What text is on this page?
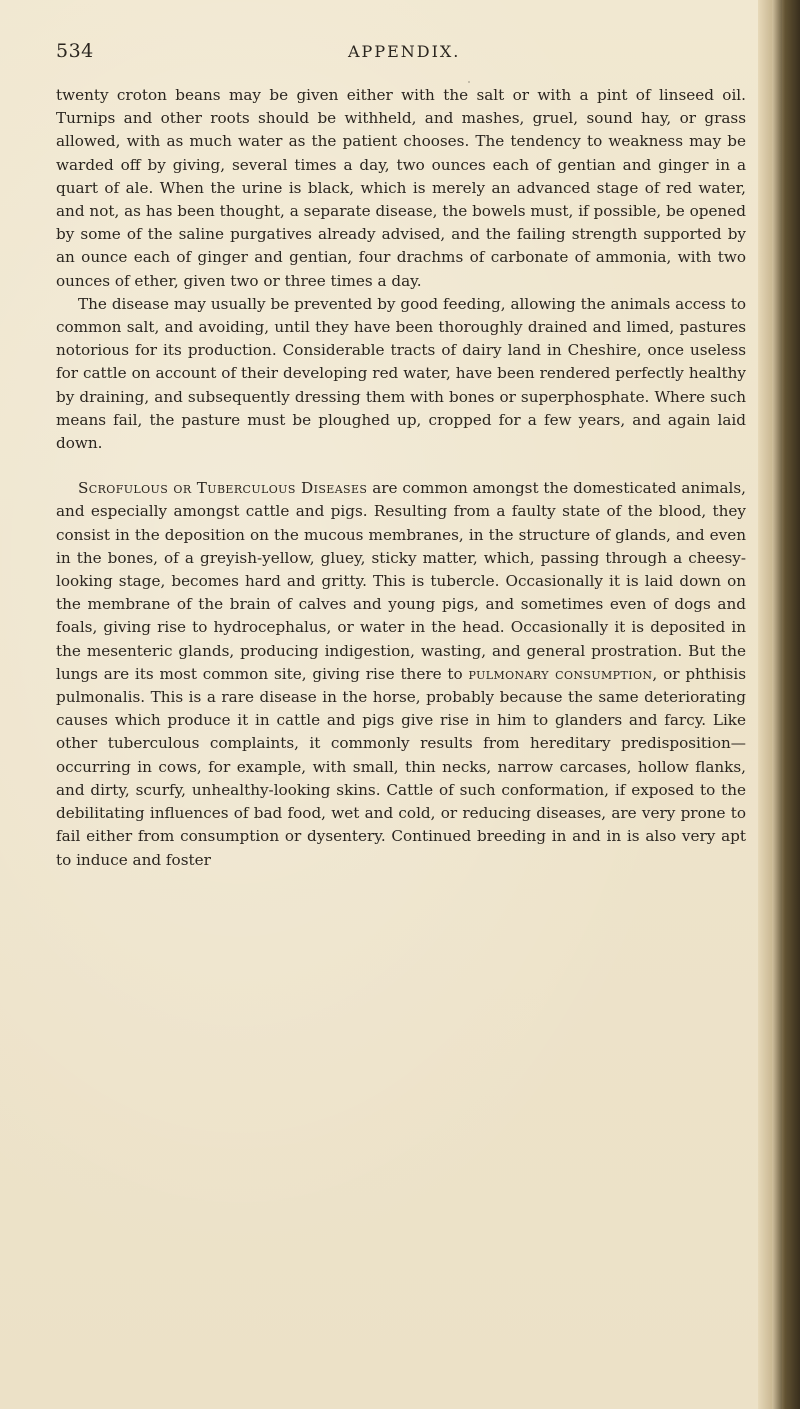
534	APPENDIX.

twenty croton beans may be given either with the salt or with a pint of linseed oil. Turnips and other roots should be withheld, and mashes, gruel, sound hay, or grass allowed, with as much water as the patient chooses. The tendency to weakness may be warded off by giving, several times a day, two ounces each of gentian and ginger in a quart of ale. When the urine is black, which is merely an advanced stage of red water, and not, as has been thought, a separate disease, the bowels must, if possible, be opened by some of the saline purgatives already advised, and the failing strength supported by an ounce each of ginger and gentian, four drachms of carbonate of ammonia, with two ounces of ether, given two or three times a day.

The disease may usually be prevented by good feeding, allowing the animals access to common salt, and avoiding, until they have been thoroughly drained and limed, pastures notorious for its production. Considerable tracts of dairy land in Cheshire, once useless for cattle on account of their developing red water, have been rendered perfectly healthy by draining, and subsequently dressing them with bones or superphosphate. Where such means fail, the pasture must be ploughed up, cropped for a few years, and again laid down.

Scrofulous or Tuberculous Diseases are common amongst the domesticated animals, and especially amongst cattle and pigs. Resulting from a faulty state of the blood, they consist in the deposition on the mucous membranes, in the structure of glands, and even in the bones, of a greyish-yellow, gluey, sticky matter, which, passing through a cheesy-looking stage, becomes hard and gritty. This is tubercle. Occasionally it is laid down on the membrane of the brain of calves and young pigs, and sometimes even of dogs and foals, giving rise to hydrocephalus, or water in the head. Occasionally it is deposited in the mesenteric glands, producing indigestion, wasting, and general prostration. But the lungs are its most common site, giving rise there to pulmonary consumption, or phthisis pulmonalis. This is a rare disease in the horse, probably because the same deteriorating causes which produce it in cattle and pigs give rise in him to glanders and farcy. Like other tuberculous complaints, it commonly results from hereditary predisposition—occurring in cows, for example, with small, thin necks, narrow carcases, hollow flanks, and dirty, scurfy, unhealthy-looking skins. Cattle of such conformation, if exposed to the debilitating influences of bad food, wet and cold, or reducing diseases, are very prone to fail either from consumption or dysentery. Continued breeding in and in is also very apt to induce and foster
